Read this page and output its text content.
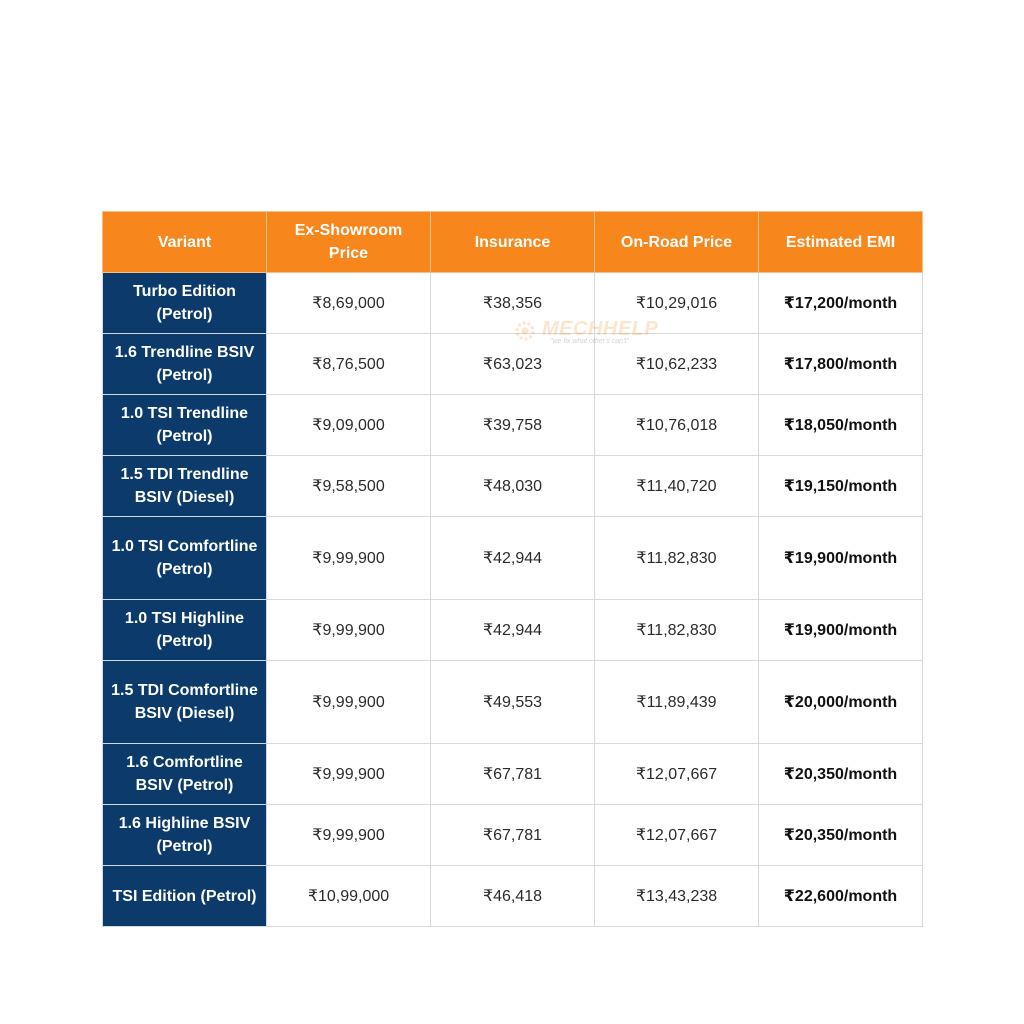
Variant	Ex-Showroom Price	Insurance	On-Road Price	Estimated EMI
Turbo Edition (Petrol)	₹8,69,000	₹38,356	₹10,29,016	₹17,200/month
1.6 Trendline BSIV (Petrol)	₹8,76,500	₹63,023	₹10,62,233	₹17,800/month
1.0 TSI Trendline (Petrol)	₹9,09,000	₹39,758	₹10,76,018	₹18,050/month
1.5 TDI Trendline BSIV (Diesel)	₹9,58,500	₹48,030	₹11,40,720	₹19,150/month
1.0 TSI Comfortline (Petrol)	₹9,99,900	₹42,944	₹11,82,830	₹19,900/month
1.0 TSI Highline (Petrol)	₹9,99,900	₹42,944	₹11,82,830	₹19,900/month
1.5 TDI Comfortline BSIV (Diesel)	₹9,99,900	₹49,553	₹11,89,439	₹20,000/month
1.6 Comfortline BSIV (Petrol)	₹9,99,900	₹67,781	₹12,07,667	₹20,350/month
1.6 Highline BSIV (Petrol)	₹9,99,900	₹67,781	₹12,07,667	₹20,350/month
TSI Edition (Petrol)	₹10,99,000	₹46,418	₹13,43,238	₹22,600/month
MECHHELP
"we fix what other's can't"
